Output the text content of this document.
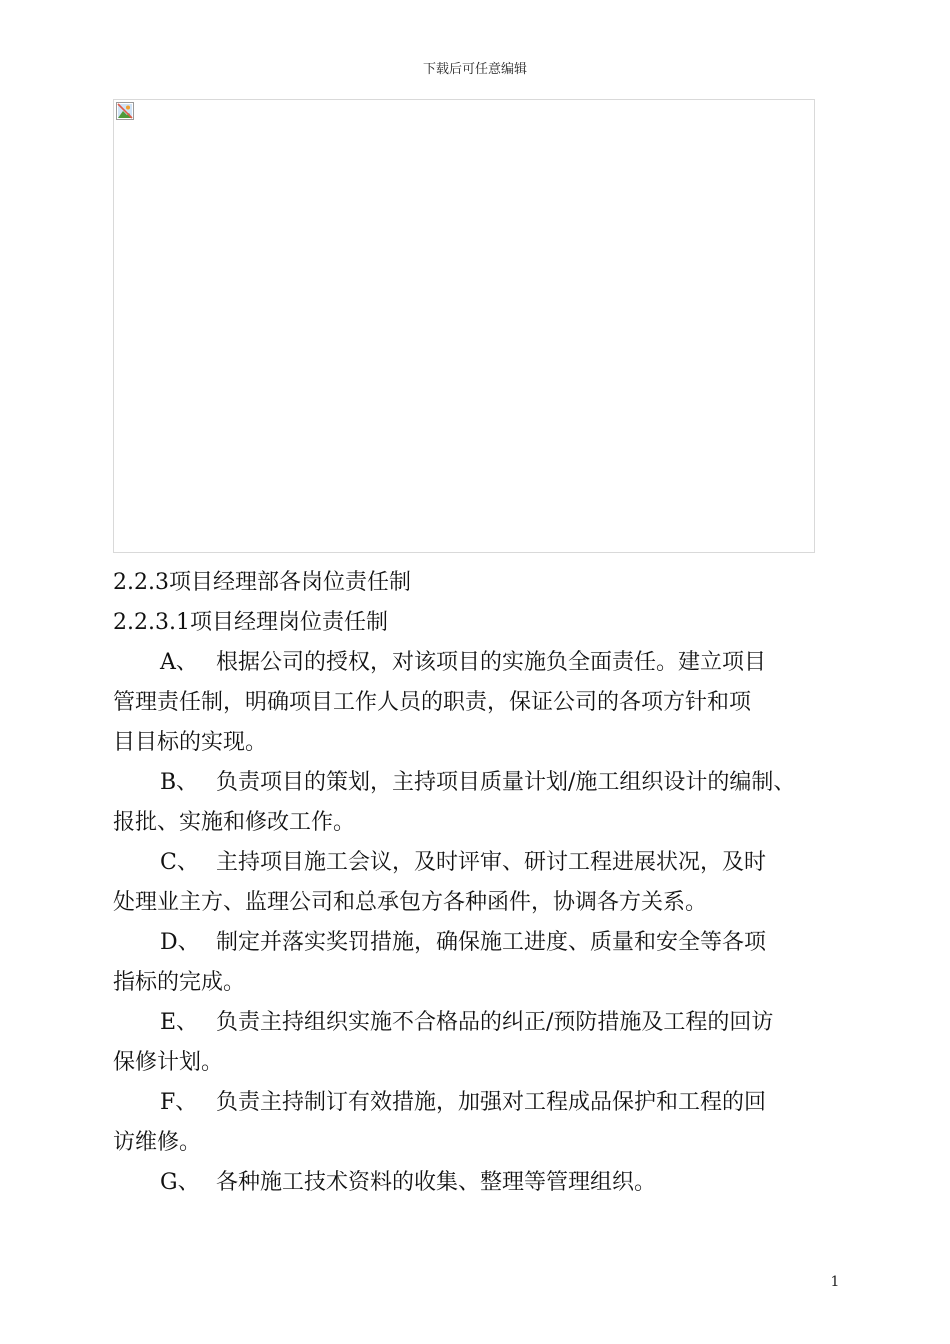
下载后可任意编辑
2.2.3项目经理部各岗位责任制
2.2.3.1项目经理岗位责任制
A、 根据公司的授权，对该项目的实施负全面责任。建立项目
管理责任制，明确项目工作人员的职责，保证公司的各项方针和项
目目标的实现。
B、 负责项目的策划，主持项目质量计划/施工组织设计的编制、
报批、实施和修改工作。
C、 主持项目施工会议，及时评审、研讨工程进展状况，及时
处理业主方、监理公司和总承包方各种函件，协调各方关系。
D、 制定并落实奖罚措施，确保施工进度、质量和安全等各项
指标的完成。
E、 负责主持组织实施不合格品的纠正/预防措施及工程的回访
保修计划。
F、 负责主持制订有效措施，加强对工程成品保护和工程的回
访维修。
G、 各种施工技术资料的收集、整理等管理组织。
1
